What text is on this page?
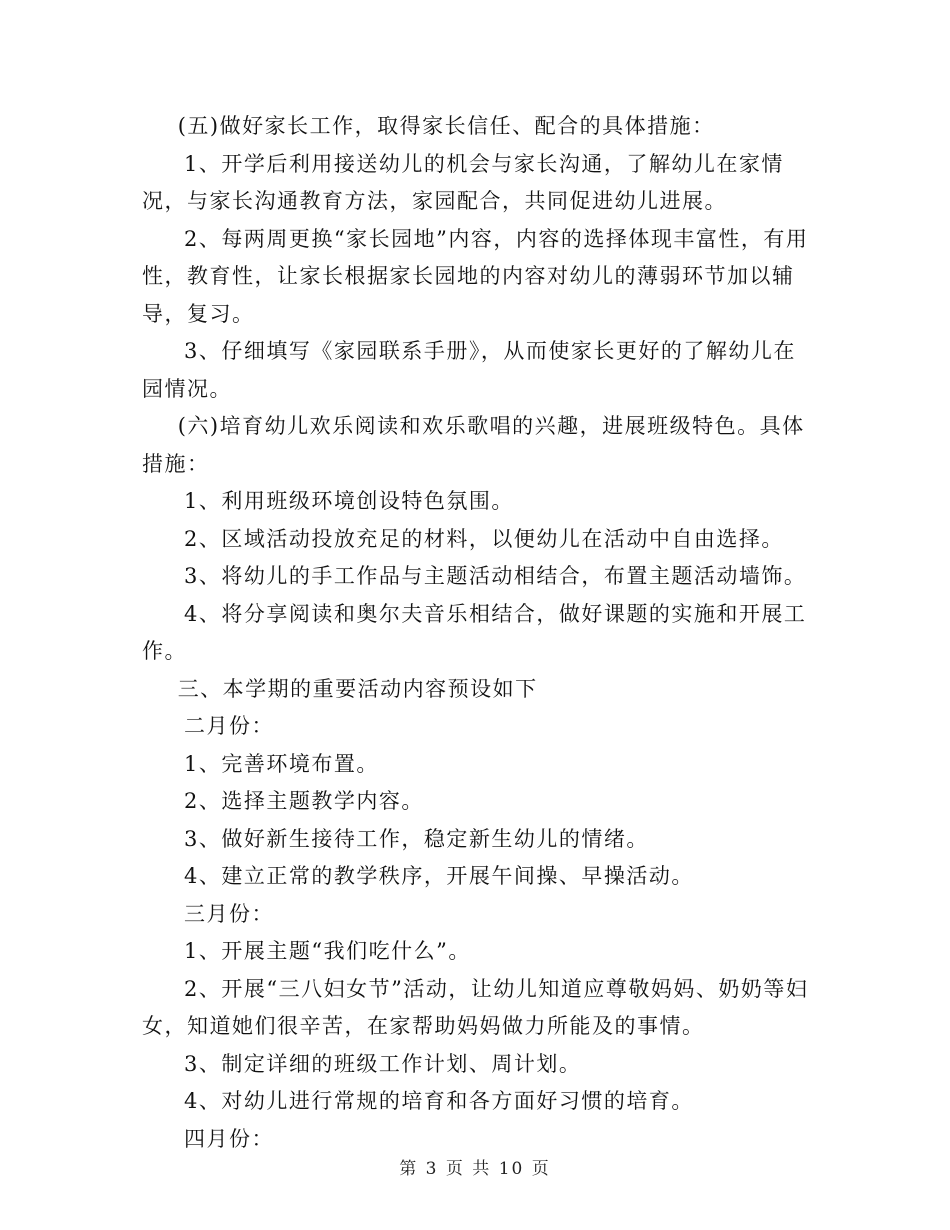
(五)做好家长工作，取得家长信任、配合的具体措施：

1、开学后利用接送幼儿的机会与家长沟通，了解幼儿在家情况，与家长沟通教育方法，家园配合，共同促进幼儿进展。

2、每两周更换“家长园地”内容，内容的选择体现丰富性，有用性，教育性，让家长根据家长园地的内容对幼儿的薄弱环节加以辅导，复习。

3、仔细填写《家园联系手册》，从而使家长更好的了解幼儿在园情况。

(六)培育幼儿欢乐阅读和欢乐歌唱的兴趣，进展班级特色。具体措施：

1、利用班级环境创设特色氛围。

2、区域活动投放充足的材料，以便幼儿在活动中自由选择。

3、将幼儿的手工作品与主题活动相结合，布置主题活动墙饰。

4、将分享阅读和奥尔夫音乐相结合，做好课题的实施和开展工作。

三、本学期的重要活动内容预设如下

二月份：

1、完善环境布置。

2、选择主题教学内容。

3、做好新生接待工作，稳定新生幼儿的情绪。

4、建立正常的教学秩序，开展午间操、早操活动。

三月份：

1、开展主题“我们吃什么”。

2、开展“三八妇女节”活动，让幼儿知道应尊敬妈妈、奶奶等妇女，知道她们很辛苦，在家帮助妈妈做力所能及的事情。

3、制定详细的班级工作计划、周计划。

4、对幼儿进行常规的培育和各方面好习惯的培育。

四月份：

第 3 页 共 10 页
